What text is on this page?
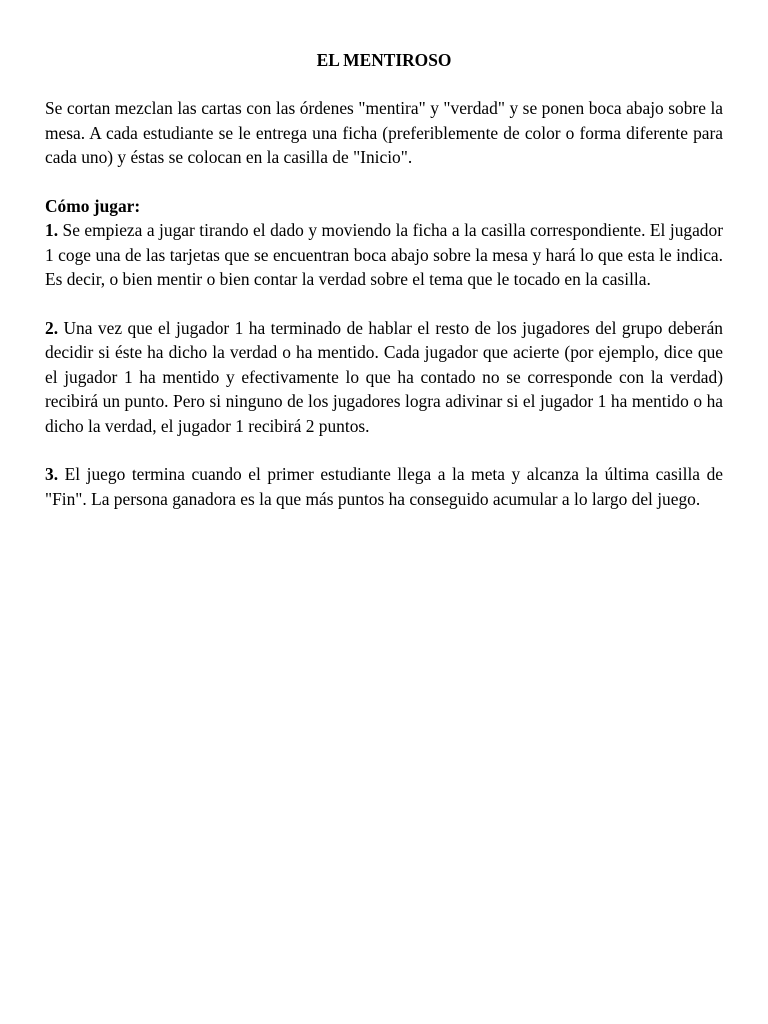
EL MENTIROSO

Se cortan mezclan las cartas con las órdenes "mentira" y "verdad" y se ponen boca abajo sobre la mesa. A cada estudiante se le entrega una ficha (preferiblemente de color o forma diferente para cada uno) y éstas se colocan en la casilla de "Inicio".

Cómo jugar:

1. Se empieza a jugar tirando el dado y moviendo la ficha a la casilla correspondiente. El jugador 1 coge una de las tarjetas que se encuentran boca abajo sobre la mesa y hará lo que esta le indica. Es decir, o bien mentir o bien contar la verdad sobre el tema que le tocado en la casilla.

2. Una vez que el jugador 1 ha terminado de hablar el resto de los jugadores del grupo deberán decidir si éste ha dicho la verdad o ha mentido. Cada jugador que acierte (por ejemplo, dice que el jugador 1 ha mentido y efectivamente lo que ha contado no se corresponde con la verdad) recibirá un punto. Pero si ninguno de los jugadores logra adivinar si el jugador 1 ha mentido o ha dicho la verdad, el jugador 1 recibirá 2 puntos.

3. El juego termina cuando el primer estudiante llega a la meta y alcanza la última casilla de "Fin". La persona ganadora es la que más puntos ha conseguido acumular a lo largo del juego.
